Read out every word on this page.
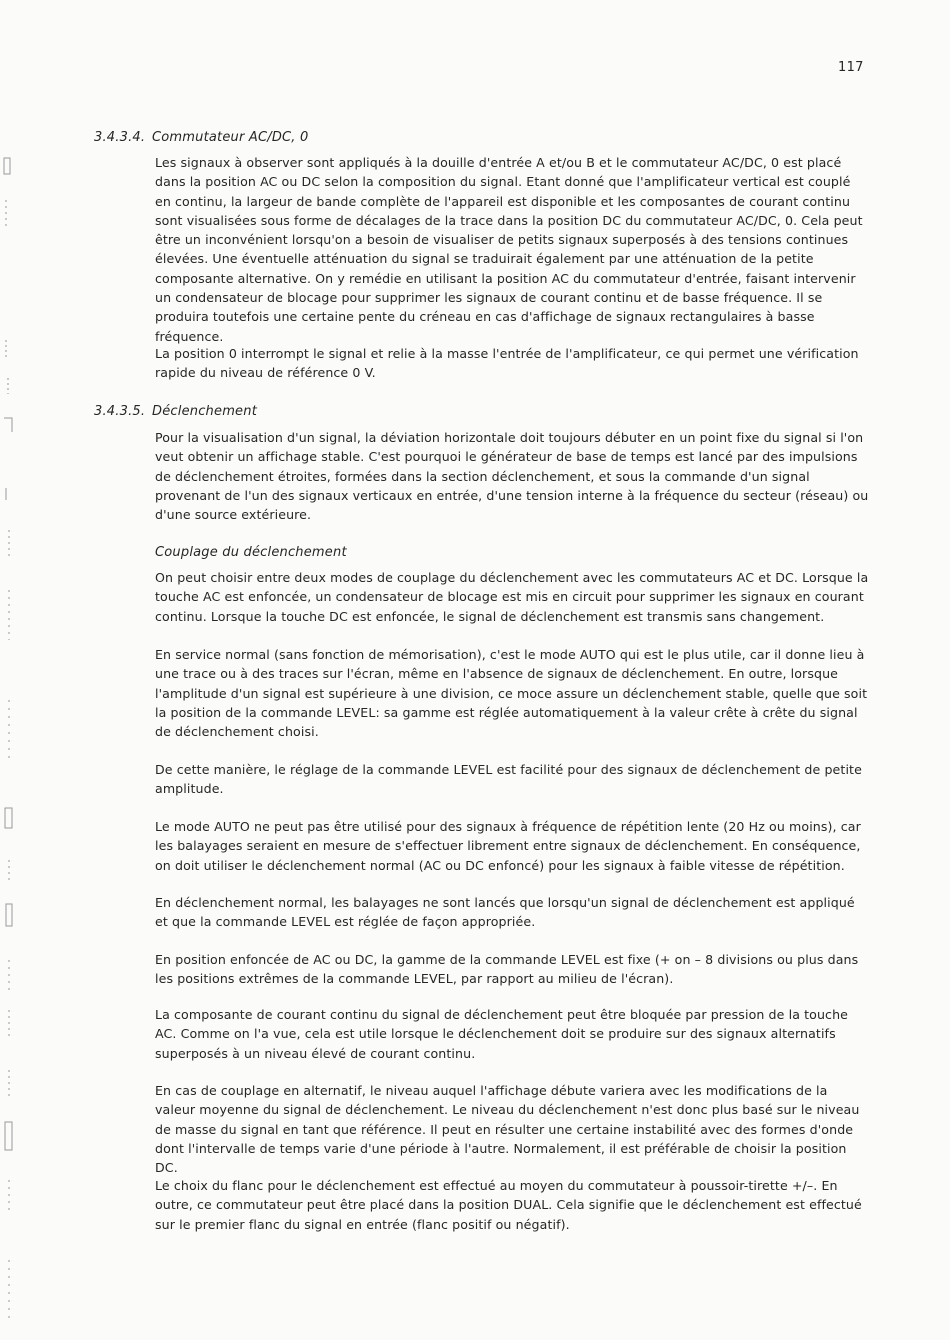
117
3.4.3.4. Commutateur AC/DC, 0
Les signaux à observer sont appliqués à la douille d'entrée A et/ou B et le commutateur AC/DC, 0 est placé dans la position AC ou DC selon la composition du signal. Etant donné que l'amplificateur vertical est couplé en continu, la largeur de bande complète de l'appareil est disponible et les composantes de courant continu sont visualisées sous forme de décalages de la trace dans la position DC du commutateur AC/DC, 0. Cela peut être un inconvénient lorsqu'on a besoin de visualiser de petits signaux superposés à des tensions continues élevées. Une éventuelle atténuation du signal se traduirait également par une atténuation de la petite composante alternative. On y remédie en utilisant la position AC du commutateur d'entrée, faisant intervenir un condensateur de blocage pour supprimer les signaux de courant continu et de basse fréquence. Il se produira toutefois une certaine pente du créneau en cas d'affichage de signaux rectangulaires à basse fréquence.
La position 0 interrompt le signal et relie à la masse l'entrée de l'amplificateur, ce qui permet une vérification rapide du niveau de référence 0 V.
3.4.3.5. Déclenchement
Pour la visualisation d'un signal, la déviation horizontale doit toujours débuter en un point fixe du signal si l'on veut obtenir un affichage stable. C'est pourquoi le générateur de base de temps est lancé par des impulsions de déclenchement étroites, formées dans la section déclenchement, et sous la commande d'un signal provenant de l'un des signaux verticaux en entrée, d'une tension interne à la fréquence du secteur (réseau) ou d'une source extérieure.
Couplage du déclenchement
On peut choisir entre deux modes de couplage du déclenchement avec les commutateurs AC et DC. Lorsque la touche AC est enfoncée, un condensateur de blocage est mis en circuit pour supprimer les signaux en courant continu. Lorsque la touche DC est enfoncée, le signal de déclenchement est transmis sans changement.
En service normal (sans fonction de mémorisation), c'est le mode AUTO qui est le plus utile, car il donne lieu à une trace ou à des traces sur l'écran, même en l'absence de signaux de déclenchement. En outre, lorsque l'amplitude d'un signal est supérieure à une division, ce moce assure un déclenchement stable, quelle que soit la position de la commande LEVEL: sa gamme est réglée automatiquement à la valeur crête à crête du signal de déclenchement choisi.
De cette manière, le réglage de la commande LEVEL est facilité pour des signaux de déclenchement de petite amplitude.
Le mode AUTO ne peut pas être utilisé pour des signaux à fréquence de répétition lente (20 Hz ou moins), car les balayages seraient en mesure de s'effectuer librement entre signaux de déclenchement. En conséquence, on doit utiliser le déclenchement normal (AC ou DC enfoncé) pour les signaux à faible vitesse de répétition.
En déclenchement normal, les balayages ne sont lancés que lorsqu'un signal de déclenchement est appliqué et que la commande LEVEL est réglée de façon appropriée.
En position enfoncée de AC ou DC, la gamme de la commande LEVEL est fixe (+ on – 8 divisions ou plus dans les positions extrêmes de la commande LEVEL, par rapport au milieu de l'écran).
La composante de courant continu du signal de déclenchement peut être bloquée par pression de la touche AC. Comme on l'a vue, cela est utile lorsque le déclenchement doit se produire sur des signaux alternatifs superposés à un niveau élevé de courant continu.
En cas de couplage en alternatif, le niveau auquel l'affichage débute variera avec les modifications de la valeur moyenne du signal de déclenchement. Le niveau du déclenchement n'est donc plus basé sur le niveau de masse du signal en tant que référence. Il peut en résulter une certaine instabilité avec des formes d'onde dont l'intervalle de temps varie d'une période à l'autre. Normalement, il est préférable de choisir la position DC.
Le choix du flanc pour le déclenchement est effectué au moyen du commutateur à poussoir-tirette +/–. En outre, ce commutateur peut être placé dans la position DUAL. Cela signifie que le déclenchement est effectué sur le premier flanc du signal en entrée (flanc positif ou négatif).
